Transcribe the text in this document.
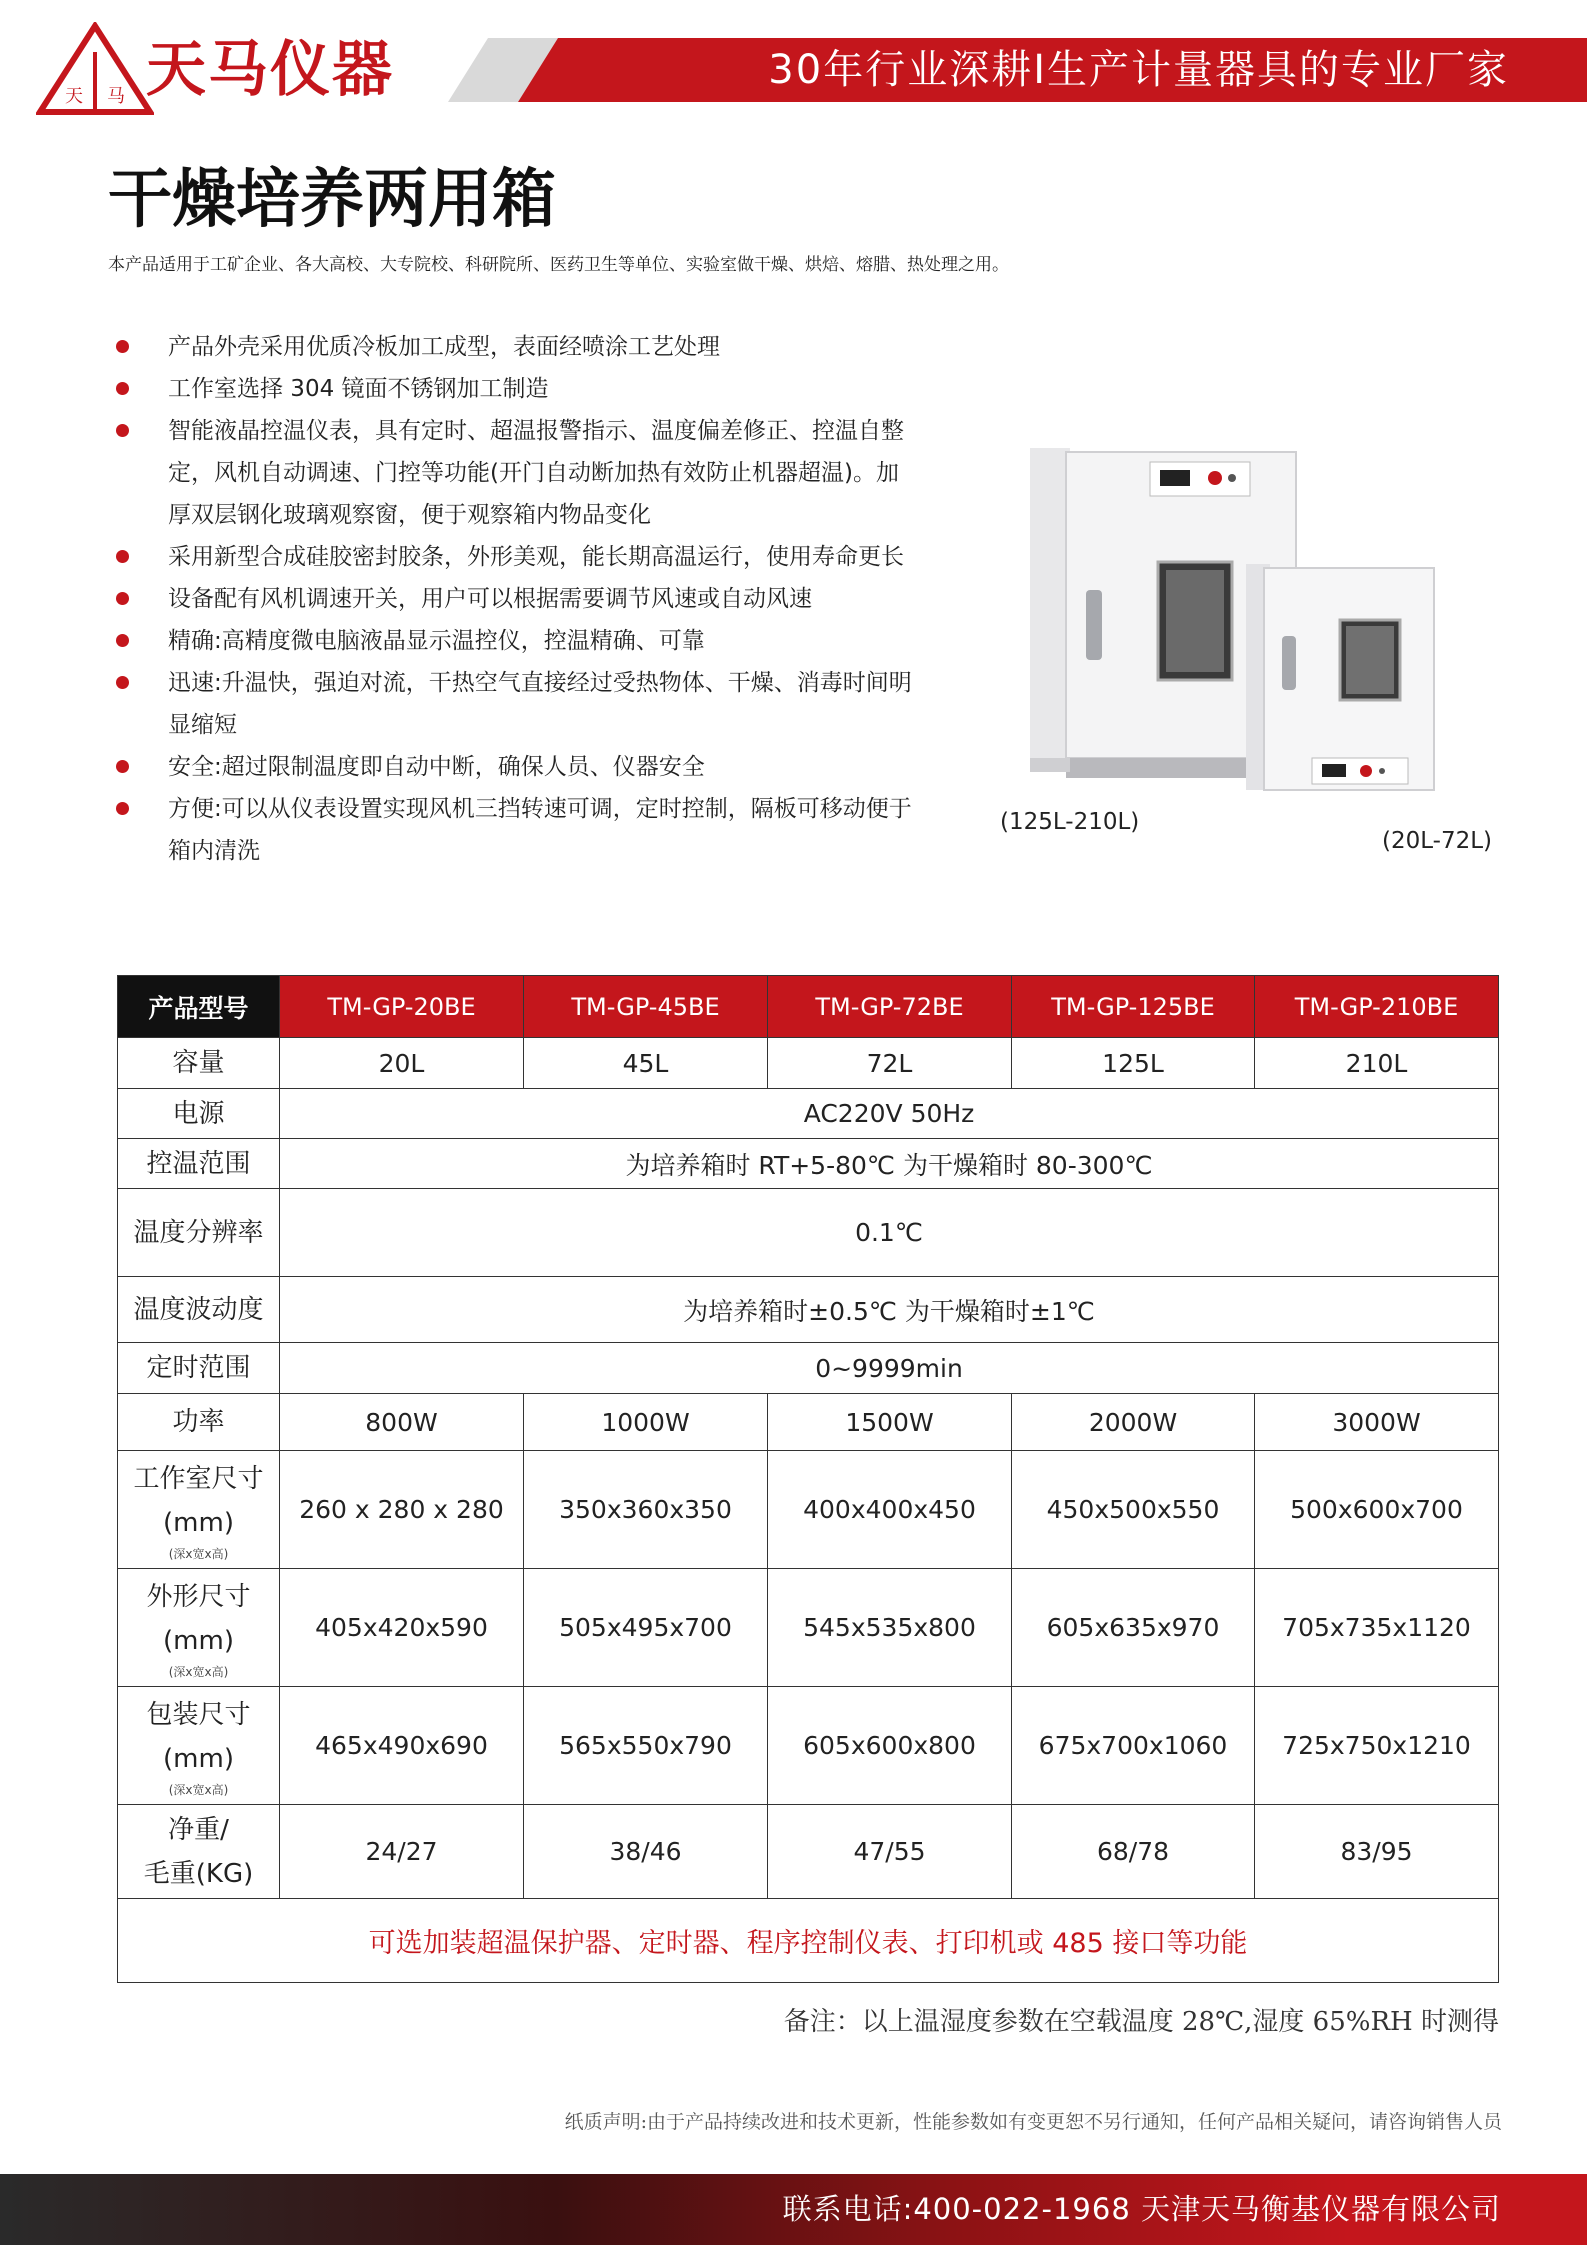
天 马 天马仪器	30年行业深耕I生产计量器具的专业厂家
干燥培养两用箱
本产品适用于工矿企业、各大高校、大专院校、科研院所、医药卫生等单位、实验室做干燥、烘焙、熔腊、热处理之用。
产品外壳采用优质冷板加工成型，表面经喷涂工艺处理
工作室选择 304 镜面不锈钢加工制造
智能液晶控温仪表，具有定时、超温报警指示、温度偏差修正、控温自整定，风机自动调速、门控等功能(开门自动断加热有效防止机器超温)。加厚双层钢化玻璃观察窗，便于观察箱内物品变化
采用新型合成硅胶密封胶条，外形美观，能长期高温运行，使用寿命更长
设备配有风机调速开关，用户可以根据需要调节风速或自动风速
精确:高精度微电脑液晶显示温控仪，控温精确、可靠
迅速:升温快，强迫对流，干热空气直接经过受热物体、干燥、消毒时间明显缩短
安全:超过限制温度即自动中断，确保人员、仪器安全
方便:可以从仪表设置实现风机三挡转速可调，定时控制，隔板可移动便于箱内清洗
(125L-210L)
(20L-72L)
产品型号	TM-GP-20BE	TM-GP-45BE	TM-GP-72BE	TM-GP-125BE	TM-GP-210BE
容量	20L	45L	72L	125L	210L
电源	AC220V 50Hz				
控温范围	为培养箱时 RT+5-80℃ 为干燥箱时 80-300℃				
温度分辨率	0.1℃				
温度波动度	为培养箱时±0.5℃ 为干燥箱时±1℃				
定时范围	0~9999min				
功率	800W	1000W	1500W	2000W	3000W

工作室尺寸
(mm)
(深x宽x高)	260 x 280 x 280	350x360x350	400x400x450	450x500x550	500x600x700

外形尺寸
(mm)
(深x宽x高)	405x420x590	505x495x700	545x535x800	605x635x970	705x735x1120

包装尺寸
(mm)
(深x宽x高)	465x490x690	565x550x790	605x600x800	675x700x1060	725x750x1210

净重/
毛重(KG)	24/27	38/46	47/55	68/78	83/95
可选加装超温保护器、定时器、程序控制仪表、打印机或 485 接口等功能					
备注：以上温湿度参数在空载温度 28℃,湿度 65%RH 时测得
纸质声明:由于产品持续改进和技术更新，性能参数如有变更恕不另行通知，任何产品相关疑问，请咨询销售人员
联系电话:400-022-1968 天津天马衡基仪器有限公司
